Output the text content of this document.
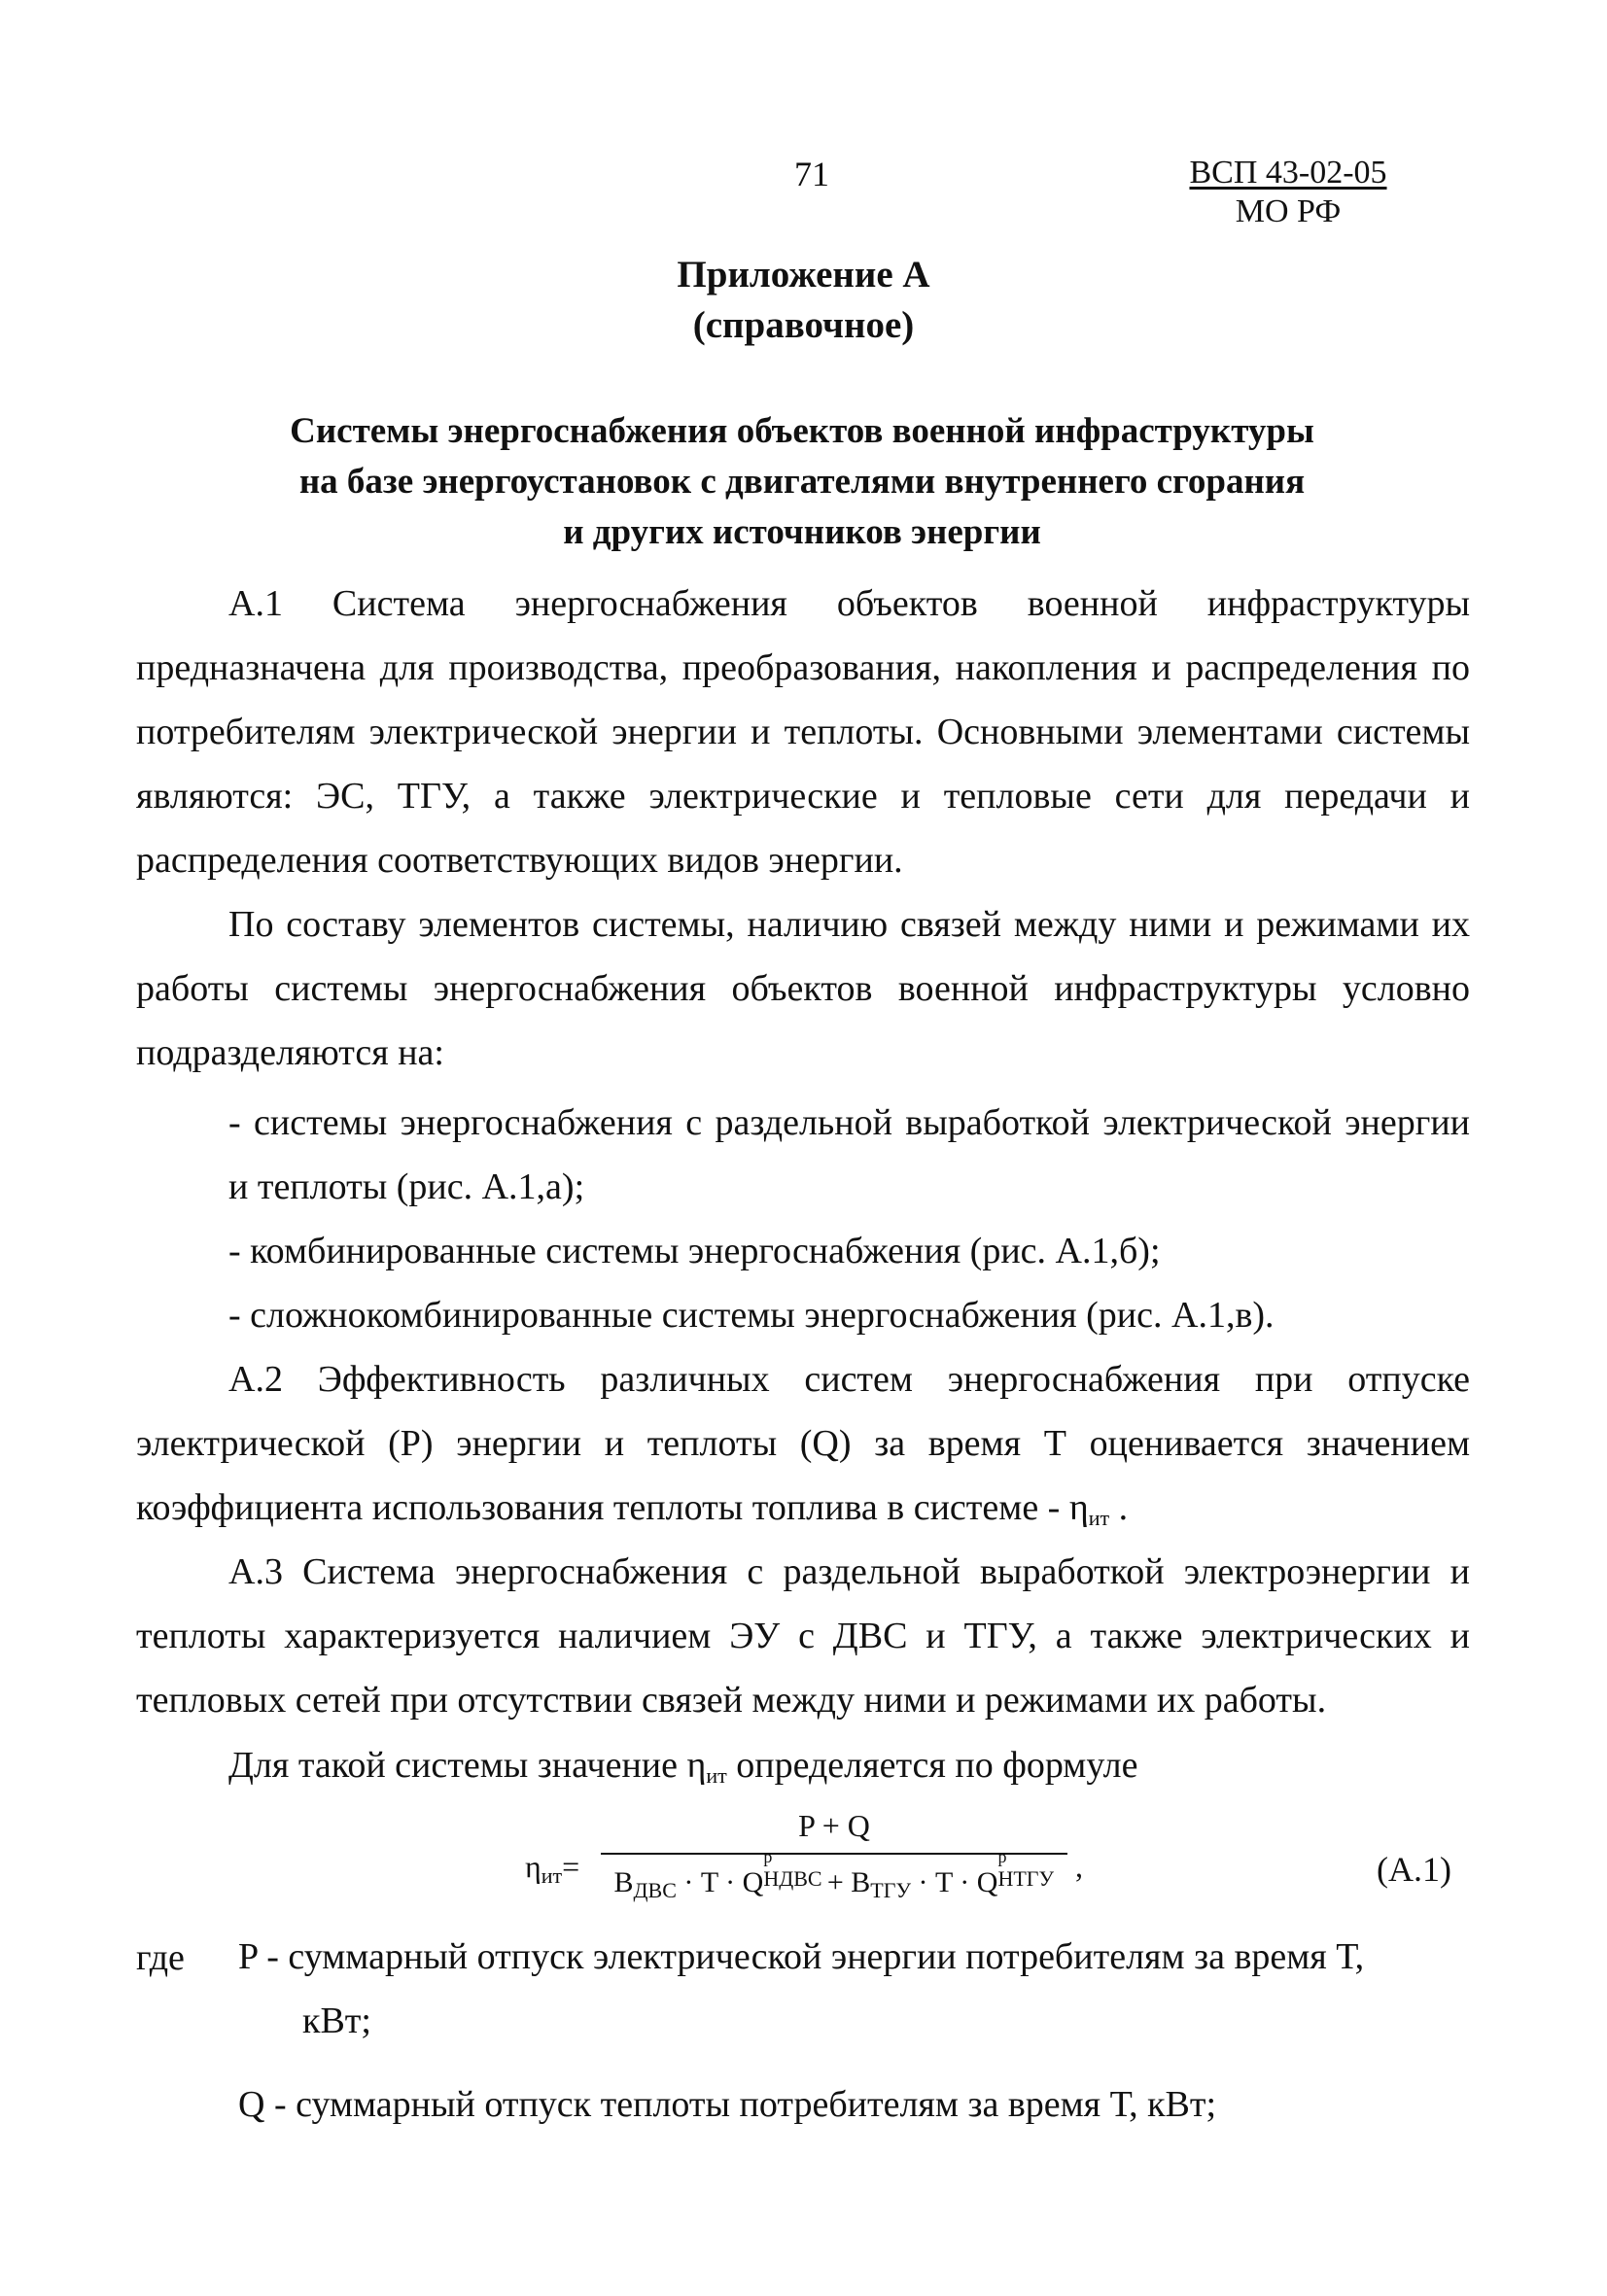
71	ВСП 43-02-05
МО РФ
Приложение А
(справочное)
Системы энергоснабжения объектов военной инфраструктуры
на базе энергоустановок с двигателями внутреннего сгорания
и других источников энергии
А.1 Система энергоснабжения объектов военной инфраструктуры предназначена для производства, преобразования, накопления и распределения по потребителям электрической энергии и теплоты. Основными элементами системы являются: ЭС, ТГУ, а также электрические и тепловые сети для передачи и распределения соответствующих видов энергии.
По составу элементов системы, наличию связей между ними и режимами их работы системы энергоснабжения объектов военной инфраструктуры условно подразделяются на:
- системы энергоснабжения с раздельной выработкой электрической энергии и теплоты (рис. А.1,а);
- комбинированные системы энергоснабжения (рис. А.1,б);
- сложнокомбинированные системы энергоснабжения (рис. А.1,в).
А.2 Эффективность различных систем энергоснабжения при отпуске электрической (Р) энергии и теплоты (Q) за время Т оценивается значением коэффициента использования теплоты топлива в системе - $\eta_{ит}$ .
А.3 Система энергоснабжения с раздельной выработкой электроэнергии и теплоты характеризуется наличием ЭУ с ДВС и ТГУ, а также электрических и тепловых сетей при отсутствии связей между ними и режимами их работы.
Для такой системы значение $\eta_{ит}$ определяется по формуле
$\eta_{ит}=$
P + Q
$B_{ДВС} \cdot T \cdot Q$
р
НДВС
+ $B_{ТГУ} \cdot T \cdot Q$
р
НТГУ ,	(А.1)
где P - суммарный отпуск электрической энергии потребителям за время Т,
кВт;
Q - суммарный отпуск теплоты потребителям за время Т, кВт;
